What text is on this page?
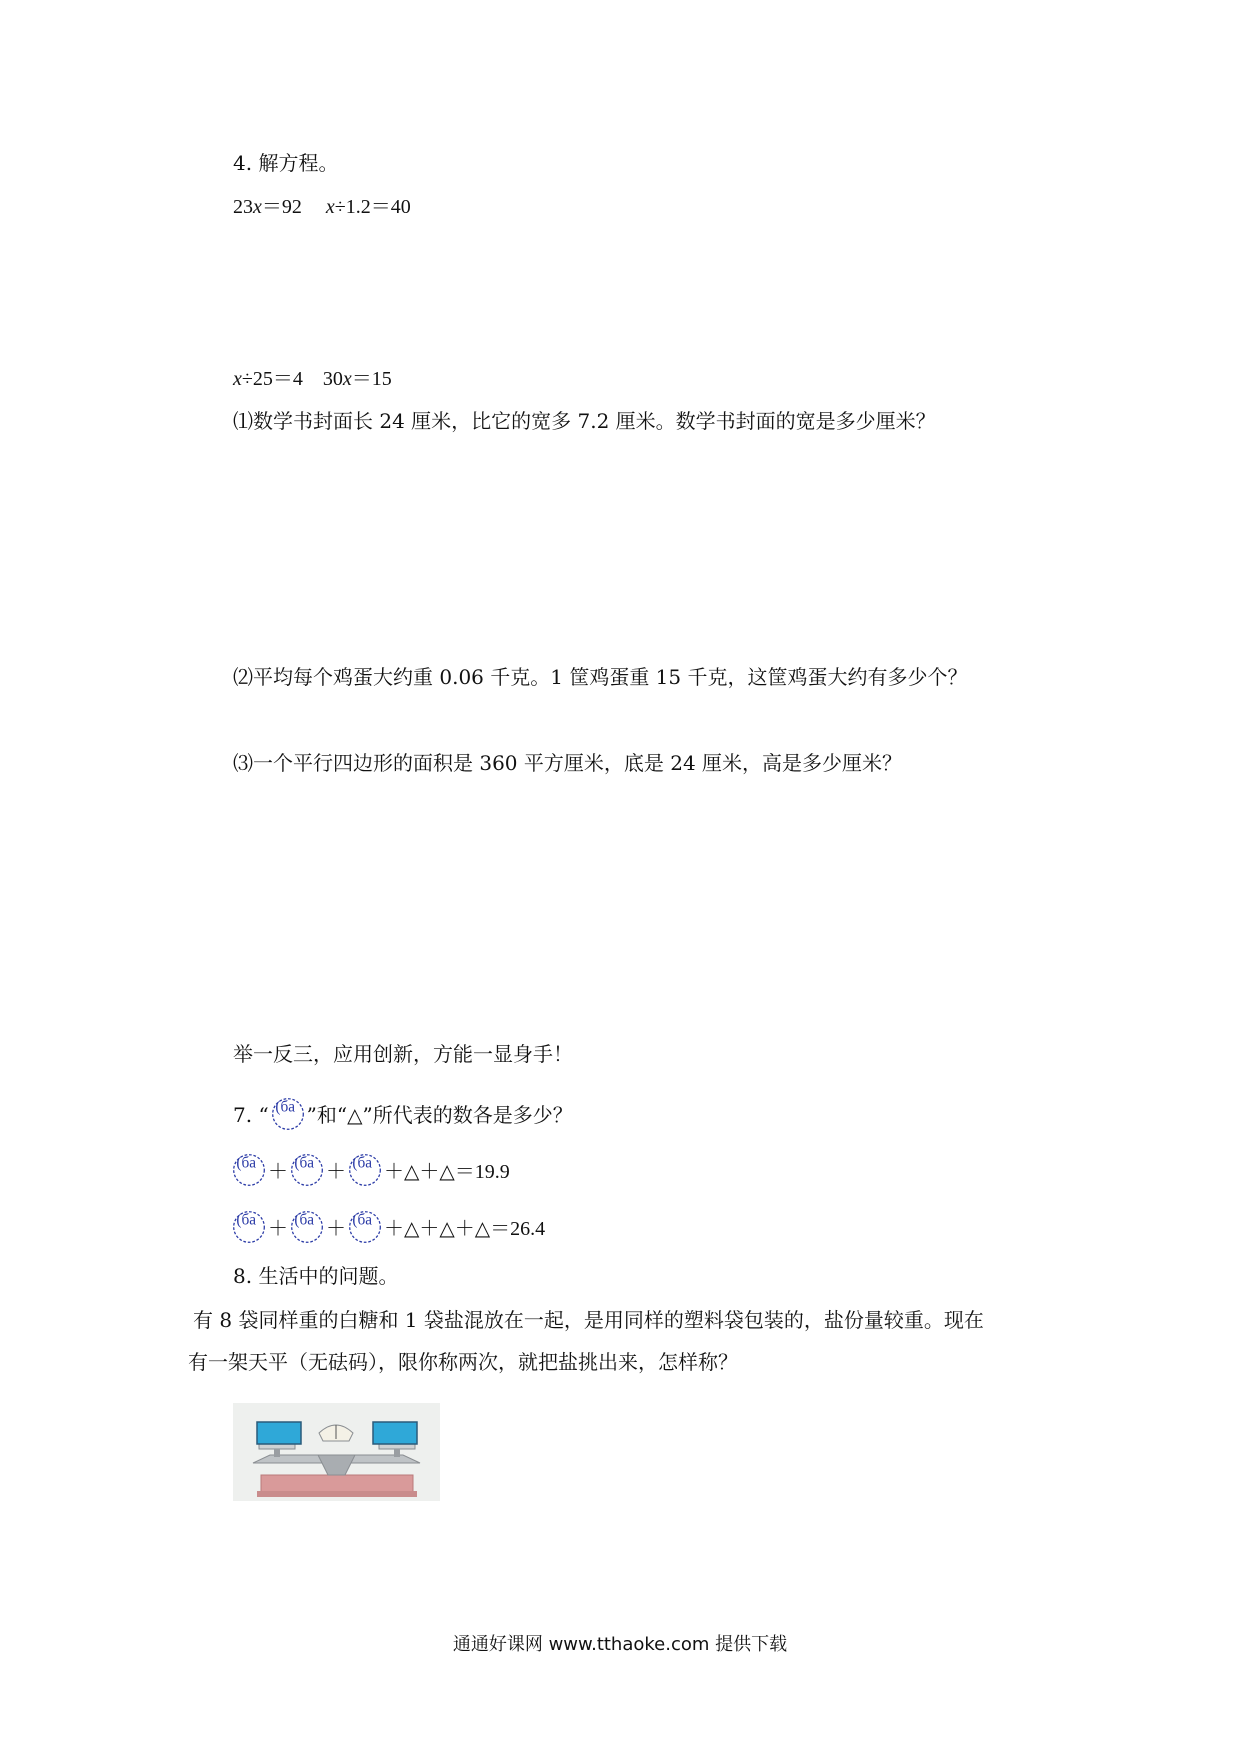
4. 解方程。
23x＝92 x÷1.2＝40
x÷25＝4 30x＝15
⑴数学书封面长 24 厘米，比它的宽多 7.2 厘米。数学书封面的宽是多少厘米？
⑵平均每个鸡蛋大约重 0.06 千克。1 筐鸡蛋重 15 千克，这筐鸡蛋大约有多少个？
⑶一个平行四边形的面积是 360 平方厘米，底是 24 厘米，高是多少厘米？
举一反三，应用创新，方能一显身手！
7. “ ”和“△”所代表的数各是多少？
＋ ＋ ＋△＋△＝19.9
＋ ＋ ＋△＋△＋△＝26.4
8. 生活中的问题。
有 8 袋同样重的白糖和 1 袋盐混放在一起，是用同样的塑料袋包装的，盐份量较重。现在
有一架天平（无砝码），限你称两次，就把盐挑出来，怎样称？
通通好课网 www.tthaoke.com 提供下载
